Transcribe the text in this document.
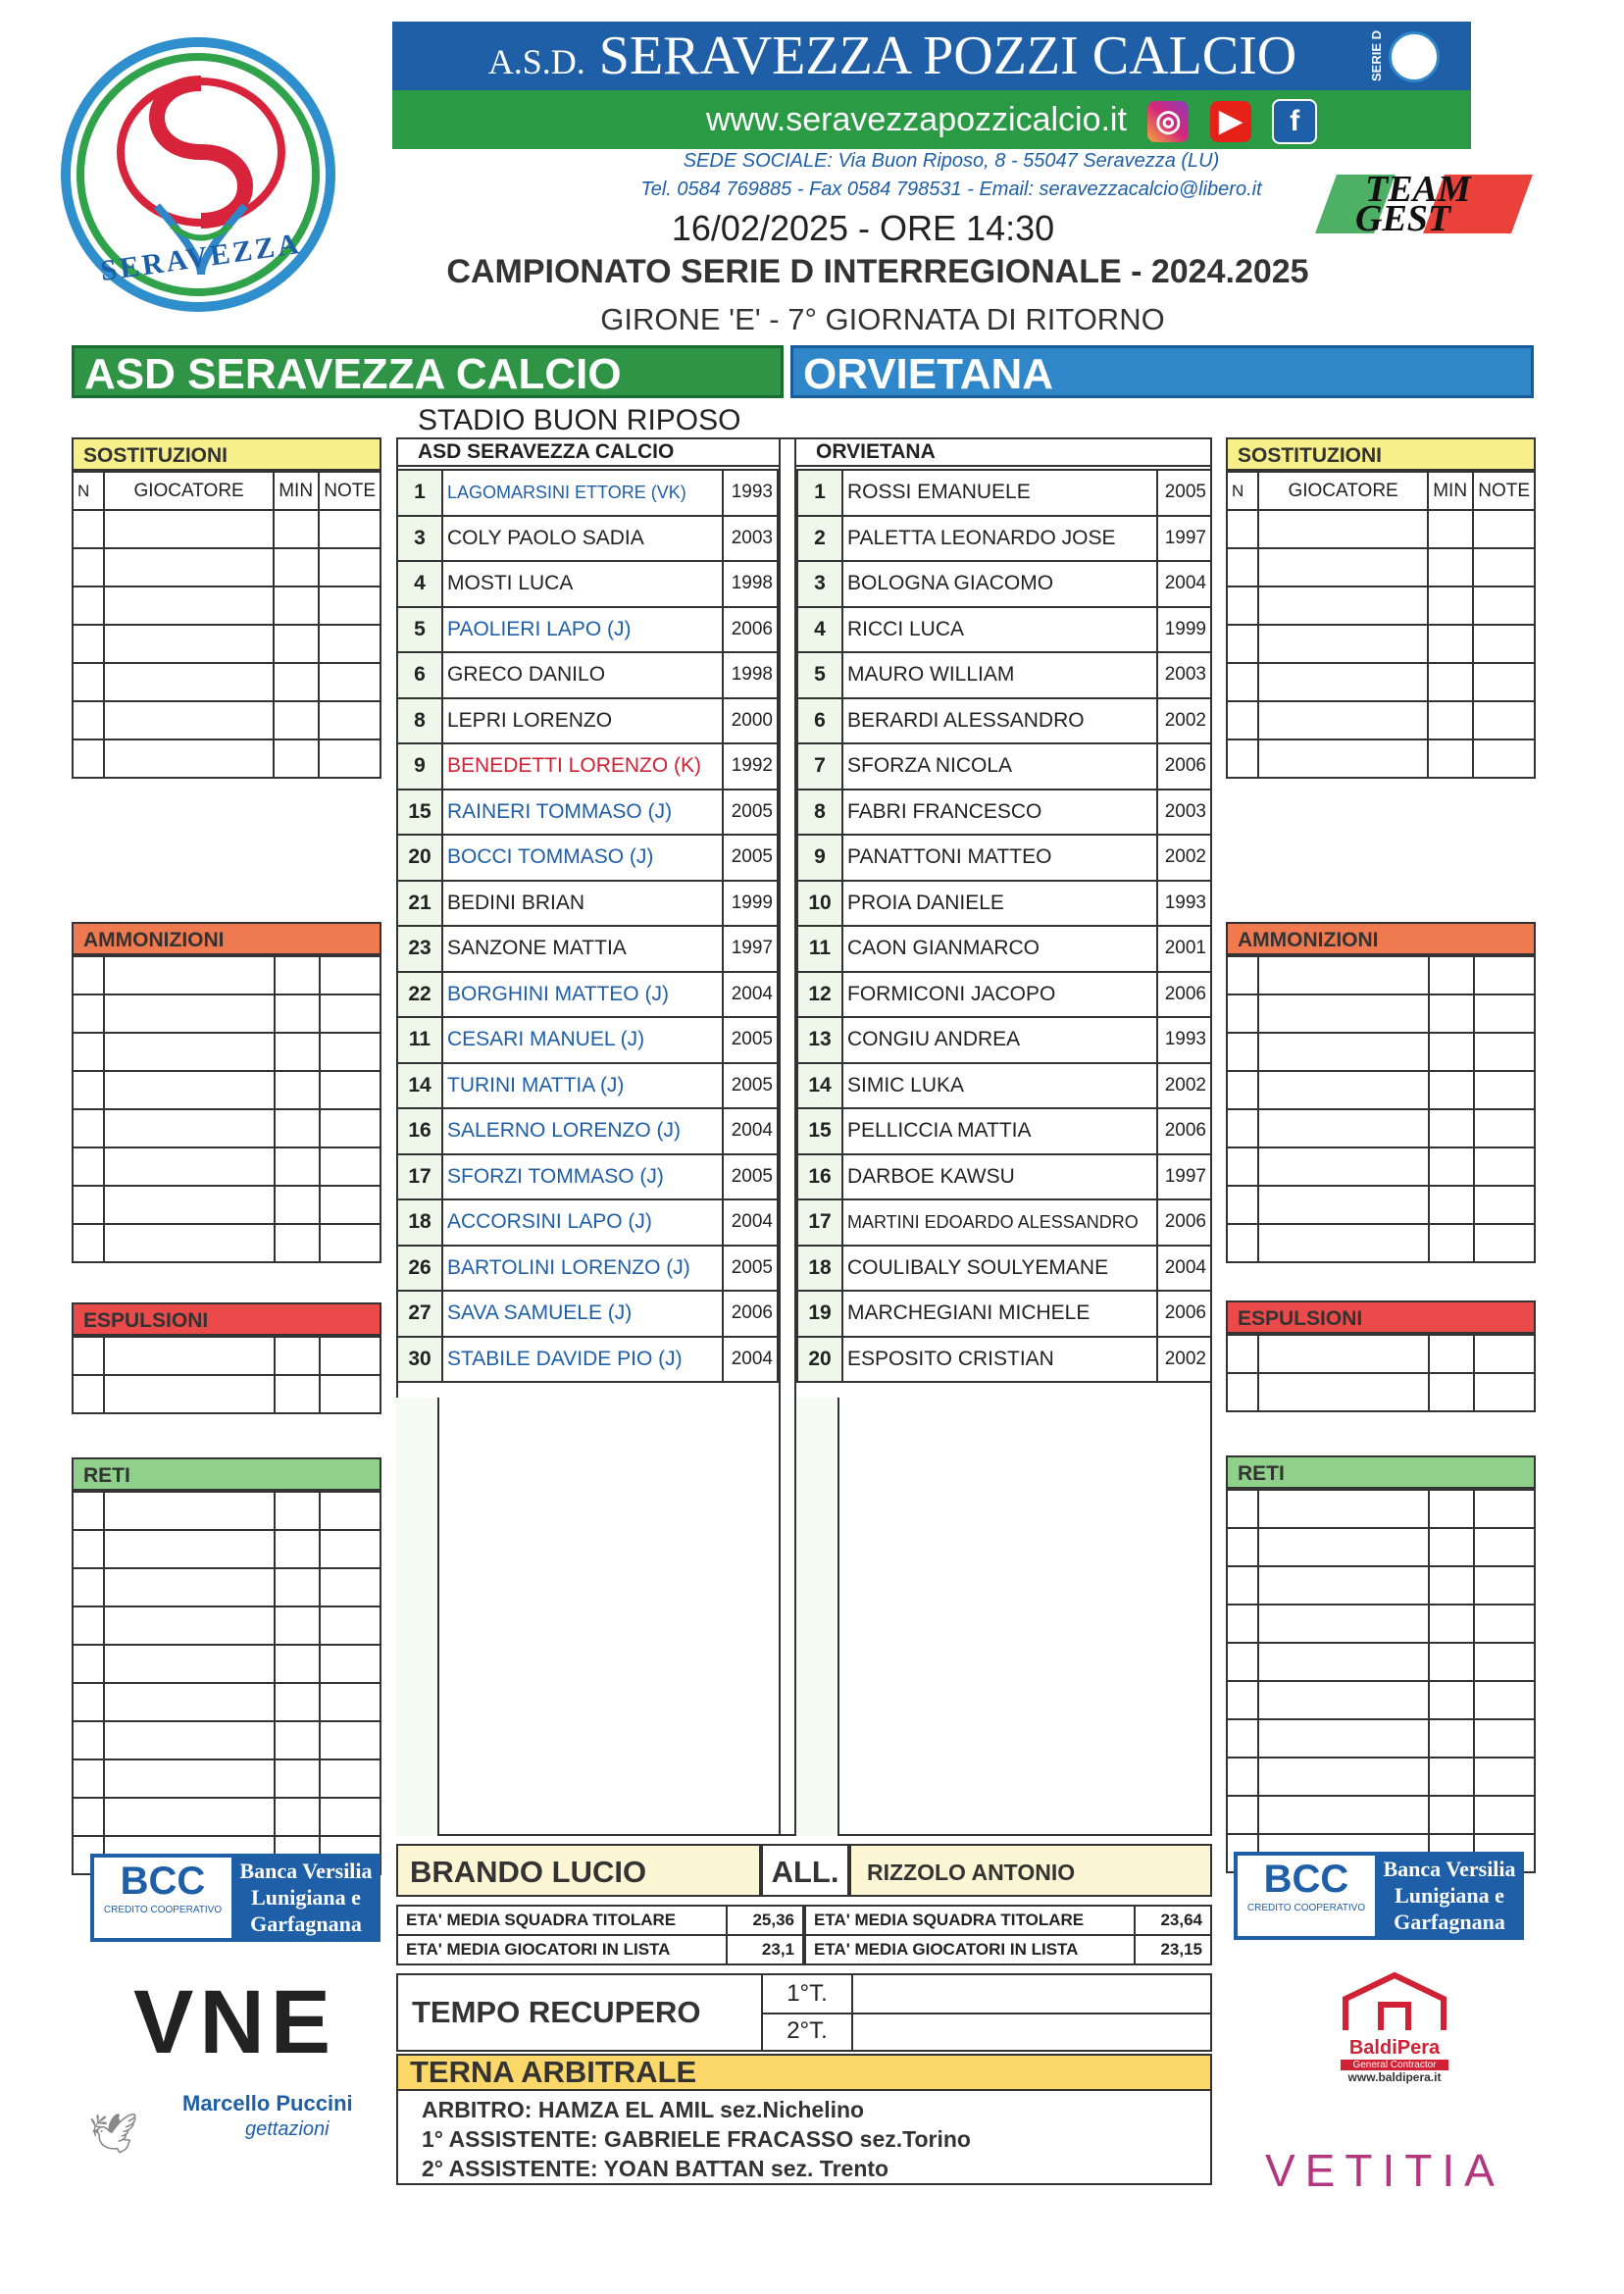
SERAVEZZA
A.S.D. SERAVEZZA POZZI CALCIO	SERIE D
www.seravezzapozzicalcio.it ◎ ▶ f
SEDE SOCIALE: Via Buon Riposo, 8 - 55047 Seravezza (LU)
Tel. 0584 769885 - Fax 0584 798531 - Email: seravezzacalcio@libero.it	TEAM
GEST
16/02/2025 - ORE 14:30
CAMPIONATO SERIE D INTERREGIONALE - 2024.2025
GIRONE 'E' - 7° GIORNATA DI RITORNO
ASD SERAVEZZA CALCIO	ORVIETANA
STADIO BUON RIPOSO
SOSTITUZIONI
N	GIOCATORE	MIN	NOTE

AMMONIZIONI

ESPULSIONI

RETI

SOSTITUZIONI
N	GIOCATORE	MIN	NOTE

AMMONIZIONI

ESPULSIONI

RETI

ASD SERAVEZZA CALCIO	ORVIETANA
1	LAGOMARSINI ETTORE (VK)	1993
3	COLY PAOLO SADIA	2003
4	MOSTI LUCA	1998
5	PAOLIERI LAPO (J)	2006
6	GRECO DANILO	1998
8	LEPRI LORENZO	2000
9	BENEDETTI LORENZO (K)	1992
15	RAINERI TOMMASO (J)	2005
20	BOCCI TOMMASO (J)	2005
21	BEDINI BRIAN	1999
23	SANZONE MATTIA	1997
22	BORGHINI MATTEO (J)	2004
11	CESARI MANUEL (J)	2005
14	TURINI MATTIA (J)	2005
16	SALERNO LORENZO (J)	2004
17	SFORZI TOMMASO (J)	2005
18	ACCORSINI LAPO (J)	2004
26	BARTOLINI LORENZO (J)	2005
27	SAVA SAMUELE (J)	2006
30	STABILE DAVIDE PIO (J)	2004
1	ROSSI EMANUELE	2005
2	PALETTA LEONARDO JOSE	1997
3	BOLOGNA GIACOMO	2004
4	RICCI LUCA	1999
5	MAURO WILLIAM	2003
6	BERARDI ALESSANDRO	2002
7	SFORZA NICOLA	2006
8	FABRI FRANCESCO	2003
9	PANATTONI MATTEO	2002
10	PROIA DANIELE	1993
11	CAON GIANMARCO	2001
12	FORMICONI JACOPO	2006
13	CONGIU ANDREA	1993
14	SIMIC LUKA	2002
15	PELLICCIA MATTIA	2006
16	DARBOE KAWSU	1997
17	MARTINI EDOARDO ALESSANDRO	2006
18	COULIBALY SOULYEMANE	2004
19	MARCHEGIANI MICHELE	2006
20	ESPOSITO CRISTIAN	2002
BRANDO LUCIO	ALL.	RIZZOLO ANTONIO
ETA' MEDIA SQUADRA TITOLARE	25,36
ETA' MEDIA GIOCATORI IN LISTA	23,1
ETA' MEDIA SQUADRA TITOLARE	23,64
ETA' MEDIA GIOCATORI IN LISTA	23,15
TEMPO RECUPERO
1°T.
2°T.
TERNA ARBITRALE
ARBITRO: HAMZA EL AMIL sez.Nichelino
1° ASSISTENTE: GABRIELE FRACASSO sez.Torino
2° ASSISTENTE: YOAN BATTAN sez. Trento
BCC
CREDITO COOPERATIVO
Banca Versilia
Lunigiana e
Garfagnana
BCC
CREDITO COOPERATIVO
Banca Versilia
Lunigiana e
Garfagnana
VNE
🕊
Marcello Puccini
gettazioni
BaldiPera
General Contractor
www.baldipera.it
VETITIA
